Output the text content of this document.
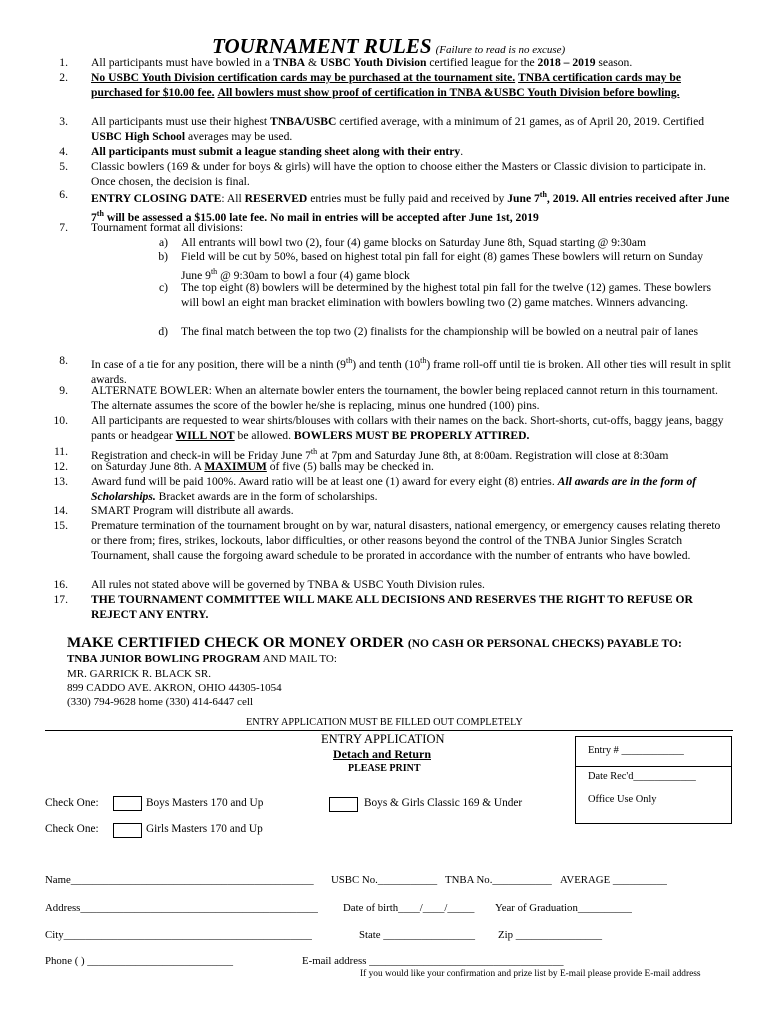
TOURNAMENT RULES (Failure to read is no excuse)
1. All participants must have bowled in a TNBA & USBC Youth Division certified league for the 2018 – 2019 season.
2. No USBC Youth Division certification cards may be purchased at the tournament site. TNBA certification cards may be purchased for $10.00 fee. All bowlers must show proof of certification in TNBA &USBC Youth Division before bowling.
3. All participants must use their highest TNBA/USBC certified average, with a minimum of 21 games, as of April 20, 2019. Certified USBC High School averages may be used.
4. All participants must submit a league standing sheet along with their entry.
5. Classic bowlers (169 & under for boys & girls) will have the option to choose either the Masters or Classic division to participate in. Once chosen, the decision is final.
6. ENTRY CLOSING DATE: All RESERVED entries must be fully paid and received by June 7th, 2019. All entries received after June 7th will be assessed a $15.00 late fee. No mail in entries will be accepted after June 1st, 2019
7. Tournament format all divisions:
8. In case of a tie for any position, there will be a ninth (9th) and tenth (10th) frame roll-off until tie is broken. All other ties will result in split awards.
9. ALTERNATE BOWLER: When an alternate bowler enters the tournament, the bowler being replaced cannot return in this tournament. The alternate assumes the score of the bowler he/she is replacing, minus one hundred (100) pins.
10. All participants are requested to wear shirts/blouses with collars with their names on the back. Short-shorts, cut-offs, baggy jeans, baggy pants or headgear WILL NOT be allowed. BOWLERS MUST BE PROPERLY ATTIRED.
11. Registration and check-in will be Friday June 7th at 7pm and Saturday June 8th, at 8:00am. Registration will close at 8:30am
12. on Saturday June 8th. A MAXIMUM of five (5) balls may be checked in.
13. Award fund will be paid 100%. Award ratio will be at least one (1) award for every eight (8) entries. All awards are in the form of Scholarships. Bracket awards are in the form of scholarships.
14. SMART Program will distribute all awards.
15. Premature termination of the tournament brought on by war, natural disasters, national emergency, or emergency causes relating thereto or there from; fires, strikes, lockouts, labor difficulties, or other reasons beyond the control of the TNBA Junior Singles Scratch Tournament, shall cause the forgoing award schedule to be prorated in accordance with the number of entrants who have bowled.
16. All rules not stated above will be governed by TNBA & USBC Youth Division rules.
17. THE TOURNAMENT COMMITTEE WILL MAKE ALL DECISIONS AND RESERVES THE RIGHT TO REFUSE OR REJECT ANY ENTRY.
a) All entrants will bowl two (2), four (4) game blocks on Saturday June 8th, Squad starting @ 9:30am
b) Field will be cut by 50%, based on highest total pin fall for eight (8) games These bowlers will return on Sunday June 9th @ 9:30am to bowl a four (4) game block
c) The top eight (8) bowlers will be determined by the highest total pin fall for the twelve (12) games. These bowlers will bowl an eight man bracket elimination with bowlers bowling two (2) game matches. Winners advancing.
d) The final match between the top two (2) finalists for the championship will be bowled on a neutral pair of lanes
MAKE CERTIFIED CHECK OR MONEY ORDER (NO CASH OR PERSONAL CHECKS) PAYABLE TO:
TNBA JUNIOR BOWLING PROGRAM AND MAIL TO:
MR. GARRICK R. BLACK SR.
899 CADDO AVE. AKRON, OHIO 44305-1054
(330) 794-9628 home (330) 414-6447 cell
ENTRY APPLICATION MUST BE FILLED OUT COMPLETELY
ENTRY APPLICATION
Detach and Return
PLEASE PRINT
Entry # ____________
Date Rec'd____________
Office Use Only
Check One:	Boys Masters 170 and Up	Boys & Girls Classic 169 & Under
Check One:	Girls Masters 170 and Up
Name_____________________________________________ USBC No.___________ TNBA No.___________ AVERAGE __________
Address____________________________________________ Date of birth____/____/_____ Year of Graduation__________
City______________________________________________	State _________________ Zip ________________
Phone ( ) ___________________________	E-mail address ____________________________________
If you would like your confirmation and prize list by E-mail please provide E-mail address
